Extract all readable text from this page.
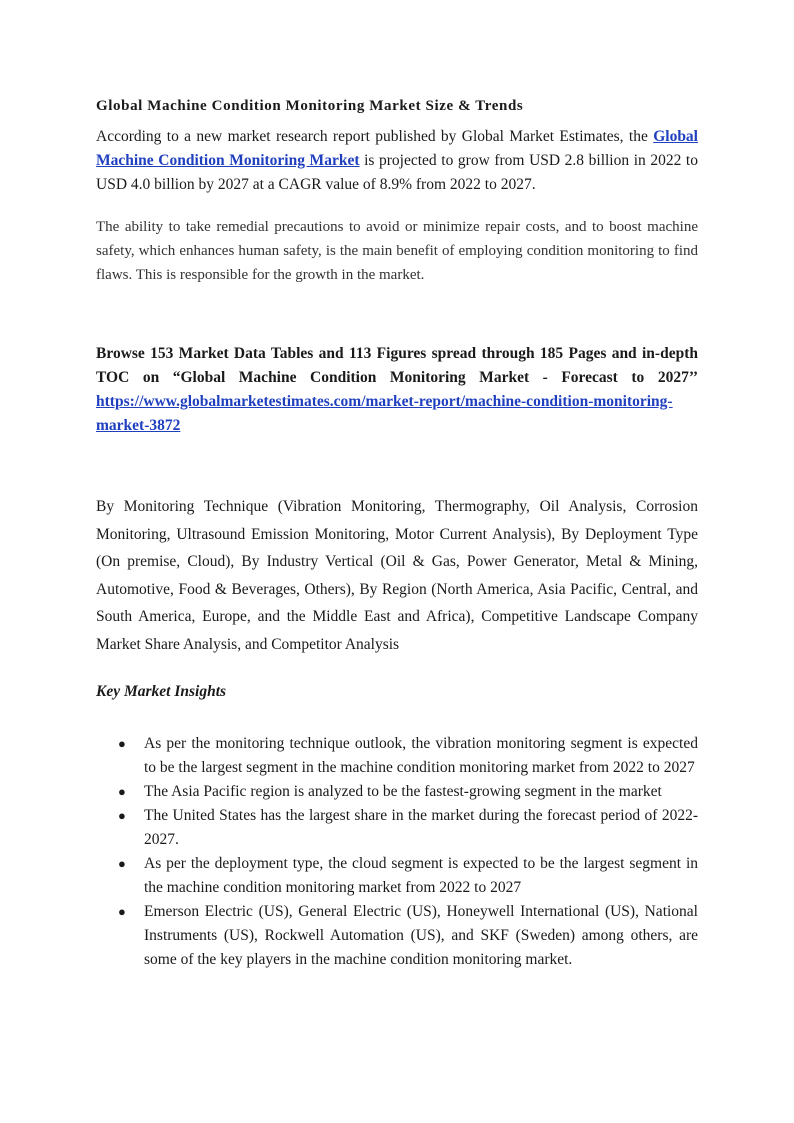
Global Machine Condition Monitoring Market Size & Trends

According to a new market research report published by Global Market Estimates, the Global Machine Condition Monitoring Market is projected to grow from USD 2.8 billion in 2022 to USD 4.0 billion by 2027 at a CAGR value of 8.9% from 2022 to 2027.

The ability to take remedial precautions to avoid or minimize repair costs, and to boost machine safety, which enhances human safety, is the main benefit of employing condition monitoring to find flaws. This is responsible for the growth in the market.

Browse 153 Market Data Tables and 113 Figures spread through 185 Pages and in-depth TOC on “Global Machine Condition Monitoring Market - Forecast to 2027’’ https://www.globalmarketestimates.com/market-report/machine-condition-monitoring-market-3872

By Monitoring Technique (Vibration Monitoring, Thermography, Oil Analysis, Corrosion Monitoring, Ultrasound Emission Monitoring, Motor Current Analysis), By Deployment Type (On premise, Cloud), By Industry Vertical (Oil & Gas, Power Generator, Metal & Mining, Automotive, Food & Beverages, Others), By Region (North America, Asia Pacific, Central, and South America, Europe, and the Middle East and Africa), Competitive Landscape Company Market Share Analysis, and Competitor Analysis

Key Market Insights
● As per the monitoring technique outlook, the vibration monitoring segment is expected to be the largest segment in the machine condition monitoring market from 2022 to 2027
● The Asia Pacific region is analyzed to be the fastest-growing segment in the market
● The United States has the largest share in the market during the forecast period of 2022-2027.
● As per the deployment type, the cloud segment is expected to be the largest segment in the machine condition monitoring market from 2022 to 2027
● Emerson Electric (US), General Electric (US), Honeywell International (US), National Instruments (US), Rockwell Automation (US), and SKF (Sweden) among others, are some of the key players in the machine condition monitoring market.
